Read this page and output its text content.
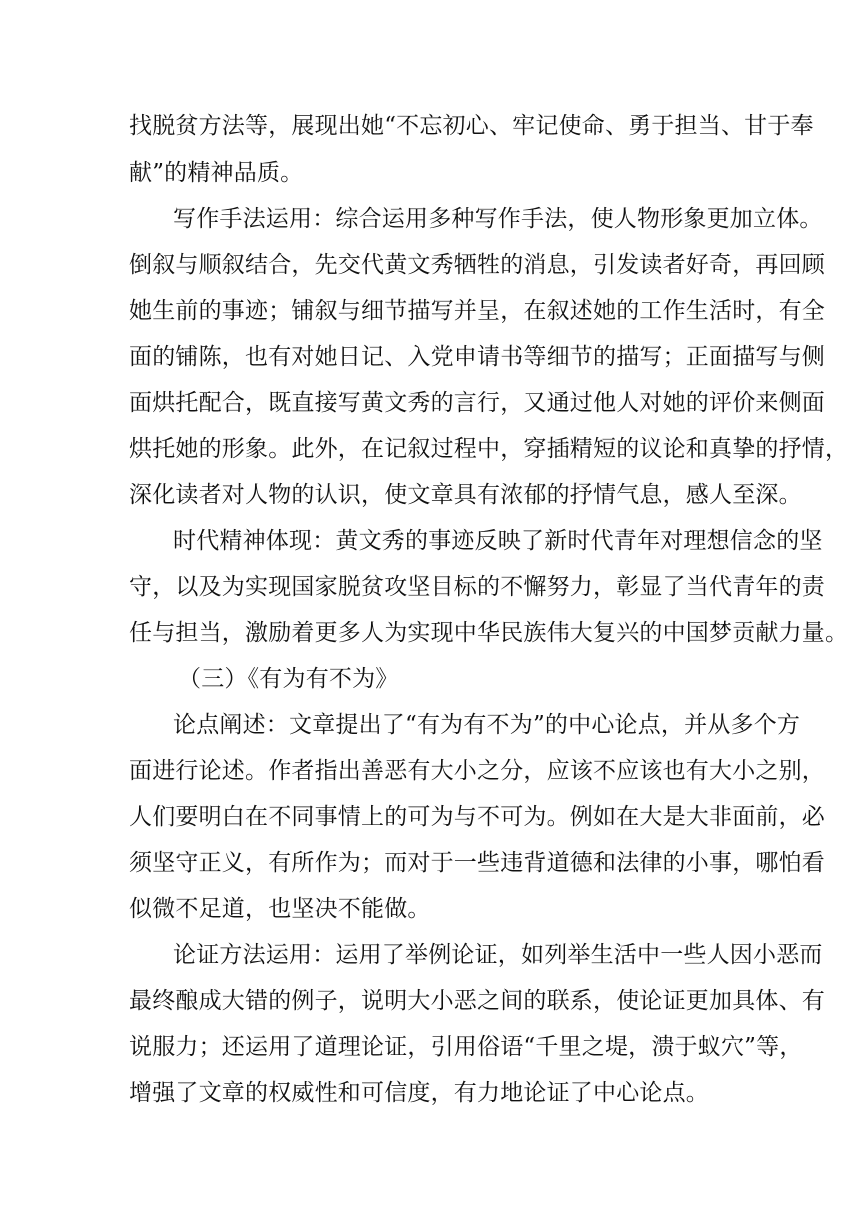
找脱贫方法等，展现出她“不忘初心、牢记使命、勇于担当、甘于奉
献”的精神品质。
写作手法运用：综合运用多种写作手法，使人物形象更加立体。
倒叙与顺叙结合，先交代黄文秀牺牲的消息，引发读者好奇，再回顾
她生前的事迹；铺叙与细节描写并呈，在叙述她的工作生活时，有全
面的铺陈，也有对她日记、入党申请书等细节的描写；正面描写与侧
面烘托配合，既直接写黄文秀的言行，又通过他人对她的评价来侧面
烘托她的形象。此外，在记叙过程中，穿插精短的议论和真挚的抒情，
深化读者对人物的认识，使文章具有浓郁的抒情气息，感人至深。
时代精神体现：黄文秀的事迹反映了新时代青年对理想信念的坚
守，以及为实现国家脱贫攻坚目标的不懈努力，彰显了当代青年的责
任与担当，激励着更多人为实现中华民族伟大复兴的中国梦贡献力量。
（三）《有为有不为》
论点阐述：文章提出了“有为有不为”的中心论点，并从多个方
面进行论述。作者指出善恶有大小之分，应该不应该也有大小之别，
人们要明白在不同事情上的可为与不可为。例如在大是大非面前，必
须坚守正义，有所作为；而对于一些违背道德和法律的小事，哪怕看
似微不足道，也坚决不能做。
论证方法运用：运用了举例论证，如列举生活中一些人因小恶而
最终酿成大错的例子，说明大小恶之间的联系，使论证更加具体、有
说服力；还运用了道理论证，引用俗语“千里之堤，溃于蚁穴”等，
增强了文章的权威性和可信度，有力地论证了中心论点。
